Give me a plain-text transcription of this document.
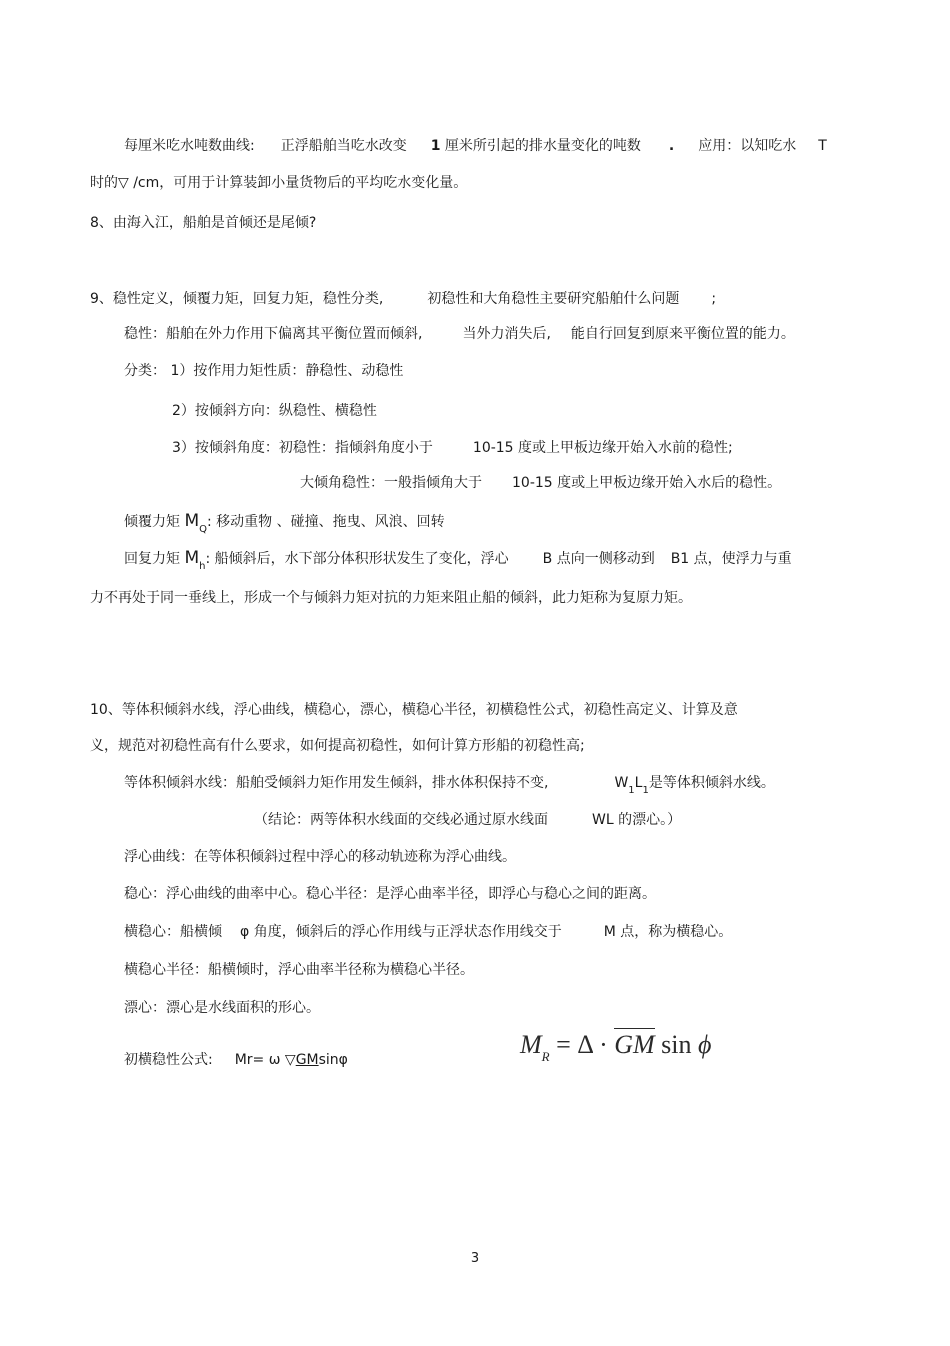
每厘米吃水吨数曲线: 正浮船舶当吃水改变 1 厘米所引起的排水量变化的吨数 . 应用：以知吃水 T
时的▽ /cm，可用于计算装卸小量货物后的平均吃水变化量。
8、由海入江，船舶是首倾还是尾倾?
9、稳性定义，倾覆力矩，回复力矩，稳性分类,	初稳性和大角稳性主要研究船舶什么问题 ;
稳性：船舶在外力作用下偏离其平衡位置而倾斜,	当外力消失后, 能自行回复到原来平衡位置的能力。
分类： 1）按作用力矩性质：静稳性、动稳性
2）按倾斜方向：纵稳性、横稳性
3）按倾斜角度：初稳性：指倾斜角度小于	10-15 度或上甲板边缘开始入水前的稳性;
大倾角稳性：一般指倾角大于 10-15 度或上甲板边缘开始入水后的稳性。
倾覆力矩 $M_Q$: 移动重物 、碰撞、拖曳、风浪、回转
回复力矩 $M_h$: 船倾斜后，水下部分体积形状发生了变化，浮心 B 点向一侧移动到 B1 点，使浮力与重
力不再处于同一垂线上，形成一个与倾斜力矩对抗的力矩来阻止船的倾斜，此力矩称为复原力矩。
10、等体积倾斜水线，浮心曲线，横稳心，漂心，横稳心半径，初横稳性公式，初稳性高定义、计算及意
义，规范对初稳性高有什么要求，如何提高初稳性，如何计算方形船的初稳性高;
等体积倾斜水线：船舶受倾斜力矩作用发生倾斜，排水体积保持不变,	$W_1L_1$是等体积倾斜水线。
（结论：两等体积水线面的交线必通过原水线面	WL 的漂心。）
浮心曲线：在等体积倾斜过程中浮心的移动轨迹称为浮心曲线。
稳心：浮心曲线的曲率中心。稳心半径：是浮心曲率半径，即浮心与稳心之间的距离。
横稳心：船横倾 φ 角度，倾斜后的浮心作用线与正浮状态作用线交于	M 点，称为横稳心。
横稳心半径：船横倾时，浮心曲率半径称为横稳心半径。
漂心：漂心是水线面积的形心。
初横稳性公式: Mr= ω ▽GMsinφ
$M_R = \Delta$ · GM sin ϕ
3
